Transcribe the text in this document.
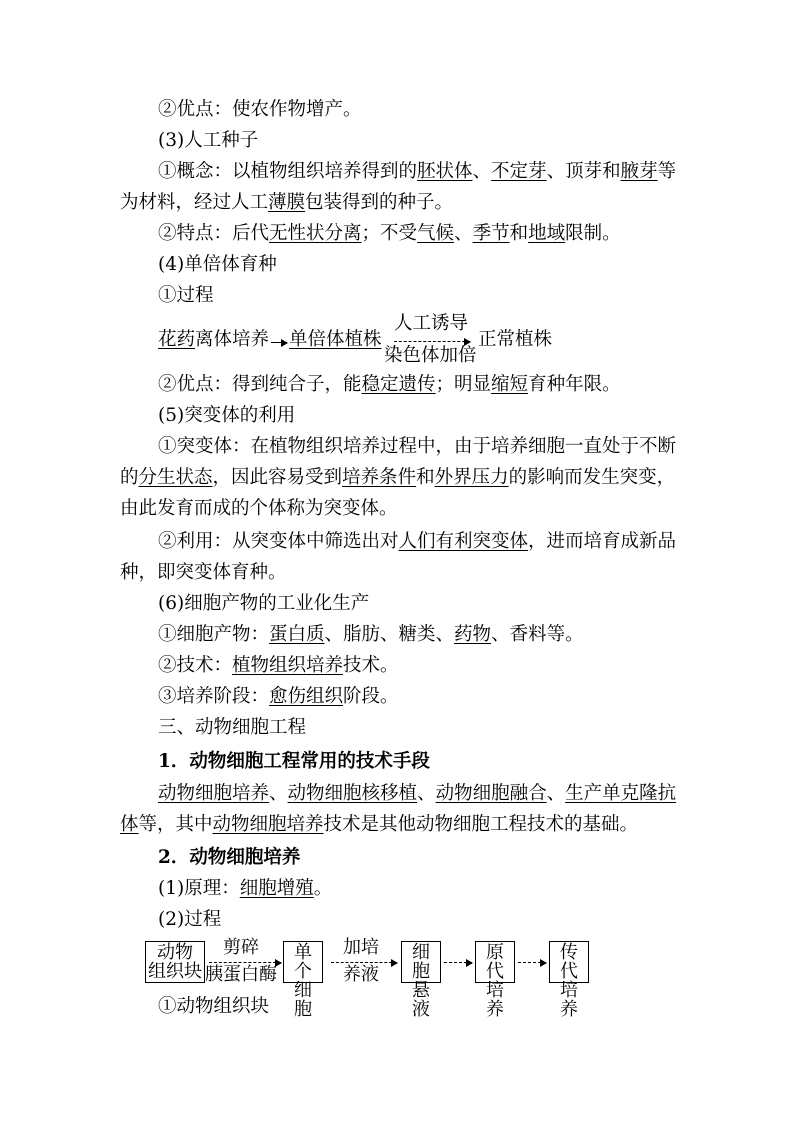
②优点：使农作物增产。
(3)人工种子
①概念：以植物组织培养得到的胚状体、不定芽、顶芽和腋芽等
为材料，经过人工薄膜包装得到的种子。
②特点：后代无性状分离；不受气候、季节和地域限制。
(4)单倍体育种
①过程
花药 离体培养 单倍体植株
人工诱导
染色体加倍
正常植株
②优点：得到纯合子，能稳定遗传；明显缩短育种年限。
(5)突变体的利用
①突变体：在植物组织培养过程中，由于培养细胞一直处于不断
的分生状态，因此容易受到培养条件和外界压力的影响而发生突变，
由此发育而成的个体称为突变体。
②利用：从突变体中筛选出对人们有利突变体，进而培育成新品
种，即突变体育种。
(6)细胞产物的工业化生产
①细胞产物：蛋白质、脂肪、糖类、药物、香料等。
②技术：植物组织培养技术。
③培养阶段：愈伤组织阶段。
三、动物细胞工程
1．动物细胞工程常用的技术手段
动物细胞培养、动物细胞核移植、动物细胞融合、生产单克隆抗
体等，其中动物细胞培养技术是其他动物细胞工程技术的基础。
2．动物细胞培养
(1)原理：细胞增殖。
(2)过程
动物
组织块
剪碎
胰蛋白酶
单个
细胞
加培
养液
细胞
悬液
原代
培养
传代
培养
①动物组织块
